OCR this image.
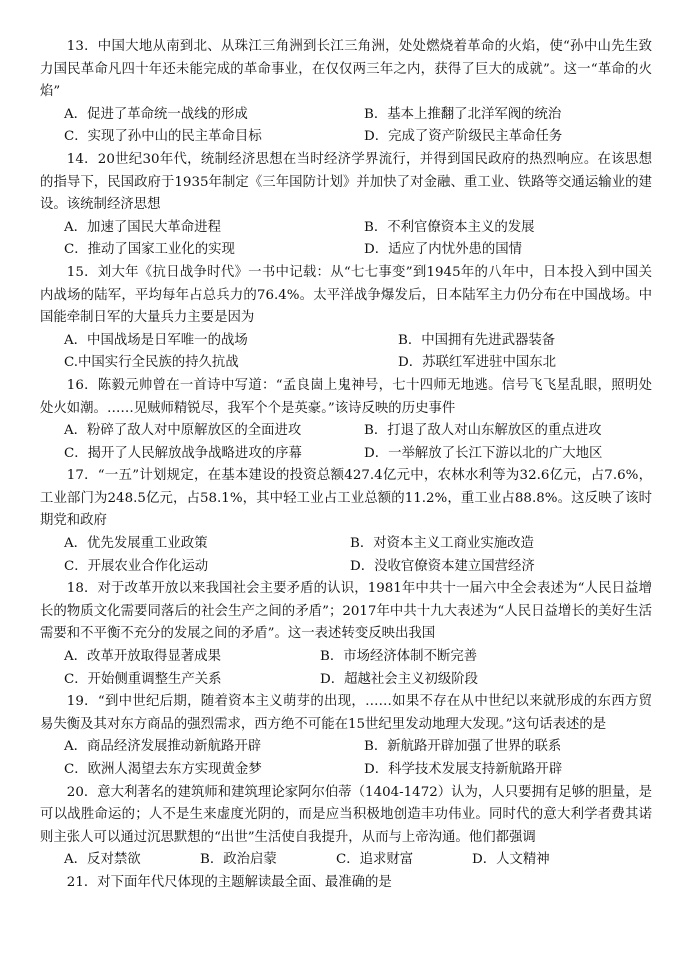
13．中国大地从南到北、从珠江三角洲到长江三角洲，处处燃烧着革命的火焰，使“孙中山先生致力国民革命凡四十年还未能完成的革命事业，在仅仅两三年之内，获得了巨大的成就”。这一“革命的火焰”

A．促进了革命统一战线的形成	B．基本上推翻了北洋军阀的统治
C．实现了孙中山的民主革命目标	D．完成了资产阶级民主革命任务

14．20世纪30年代，统制经济思想在当时经济学界流行，并得到国民政府的热烈响应。在该思想的指导下，民国政府于1935年制定《三年国防计划》并加快了对金融、重工业、铁路等交通运输业的建设。该统制经济思想

A．加速了国民大革命进程	B．不利官僚资本主义的发展
C．推动了国家工业化的实现	D．适应了内忧外患的国情

15．刘大年《抗日战争时代》一书中记载：从“七七事变”到1945年的八年中，日本投入到中国关内战场的陆军，平均每年占总兵力的76.4%。太平洋战争爆发后，日本陆军主力仍分布在中国战场。中国能牵制日军的大量兵力主要是因为

A．中国战场是日军唯一的战场	B．中国拥有先进武器装备
C.中国实行全民族的持久抗战	D．苏联红军进驻中国东北

16．陈毅元帅曾在一首诗中写道：“孟良崮上鬼神号，七十四师无地逃。信号飞飞星乱眼，照明处处火如潮。……见贼师精锐尽，我军个个是英豪。”该诗反映的历史事件

A．粉碎了敌人对中原解放区的全面进攻	B．打退了敌人对山东解放区的重点进攻
C．揭开了人民解放战争战略进攻的序幕	D．一举解放了长江下游以北的广大地区

17．“一五”计划规定，在基本建设的投资总额427.4亿元中，农林水利等为32.6亿元，占7.6%，工业部门为248.5亿元，占58.1%，其中轻工业占工业总额的11.2%，重工业占88.8%。这反映了该时期党和政府

A．优先发展重工业政策	B．对资本主义工商业实施改造
C．开展农业合作化运动	D．没收官僚资本建立国营经济

18．对于改革开放以来我国社会主要矛盾的认识，1981年中共十一届六中全会表述为“人民日益增长的物质文化需要同落后的社会生产之间的矛盾”；2017年中共十九大表述为“人民日益增长的美好生活需要和不平衡不充分的发展之间的矛盾”。这一表述转变反映出我国

A．改革开放取得显著成果	B．市场经济体制不断完善
C．开始侧重调整生产关系	D．超越社会主义初级阶段

19．“到中世纪后期，随着资本主义萌芽的出现，……如果不存在从中世纪以来就形成的东西方贸易失衡及其对东方商品的强烈需求，西方绝不可能在15世纪里发动地理大发现。”这句话表述的是

A．商品经济发展推动新航路开辟	B．新航路开辟加强了世界的联系
C．欧洲人渴望去东方实现黄金梦	D．科学技术发展支持新航路开辟

20．意大利著名的建筑师和建筑理论家阿尔伯蒂（1404-1472）认为，人只要拥有足够的胆量，是可以战胜命运的；人不是生来虚度光阴的，而是应当积极地创造丰功伟业。同时代的意大利学者费其诺则主张人可以通过沉思默想的“出世”生活使自我提升，从而与上帝沟通。他们都强调

A．反对禁欲	B．政治启蒙	C．追求财富	D．人文精神

21．对下面年代尺体现的主题解读最全面、最准确的是
